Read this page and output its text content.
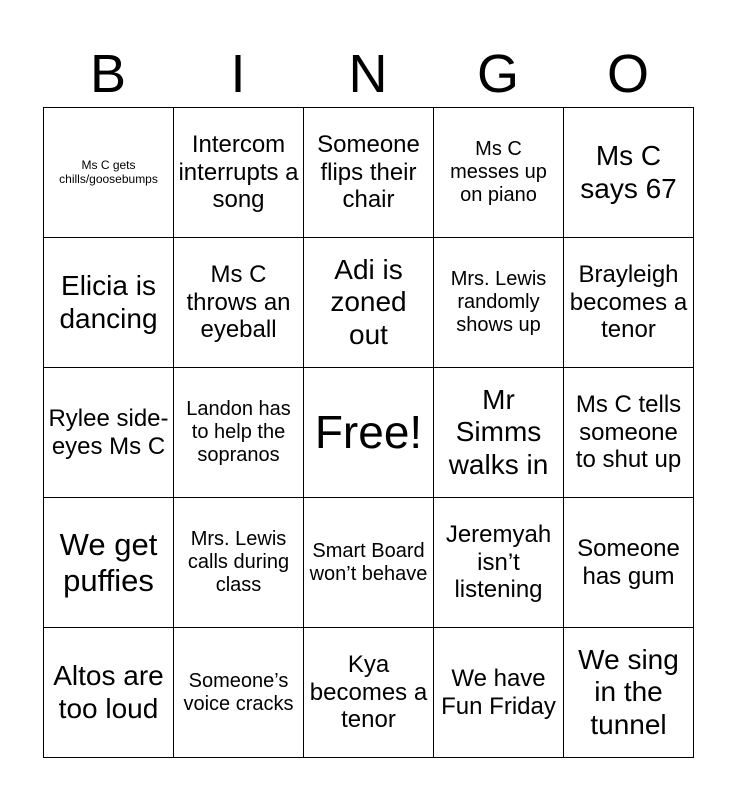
B	I	N	G	O
Ms C gets chills/goosebumps	Intercom interrupts a song	Someone flips their chair	Ms C messes up on piano	Ms C says 67
Elicia is dancing	Ms C throws an eyeball	Adi is zoned out	Mrs. Lewis randomly shows up	Brayleigh becomes a tenor
Rylee side-eyes Ms C	Landon has to help the sopranos	Free!	Mr Simms walks in	Ms C tells someone to shut up
We get puffies	Mrs. Lewis calls during class	Smart Board won’t behave	Jeremyah isn’t listening	Someone has gum
Altos are too loud	Someone’s voice cracks	Kya becomes a tenor	We have Fun Friday	We sing in the tunnel
